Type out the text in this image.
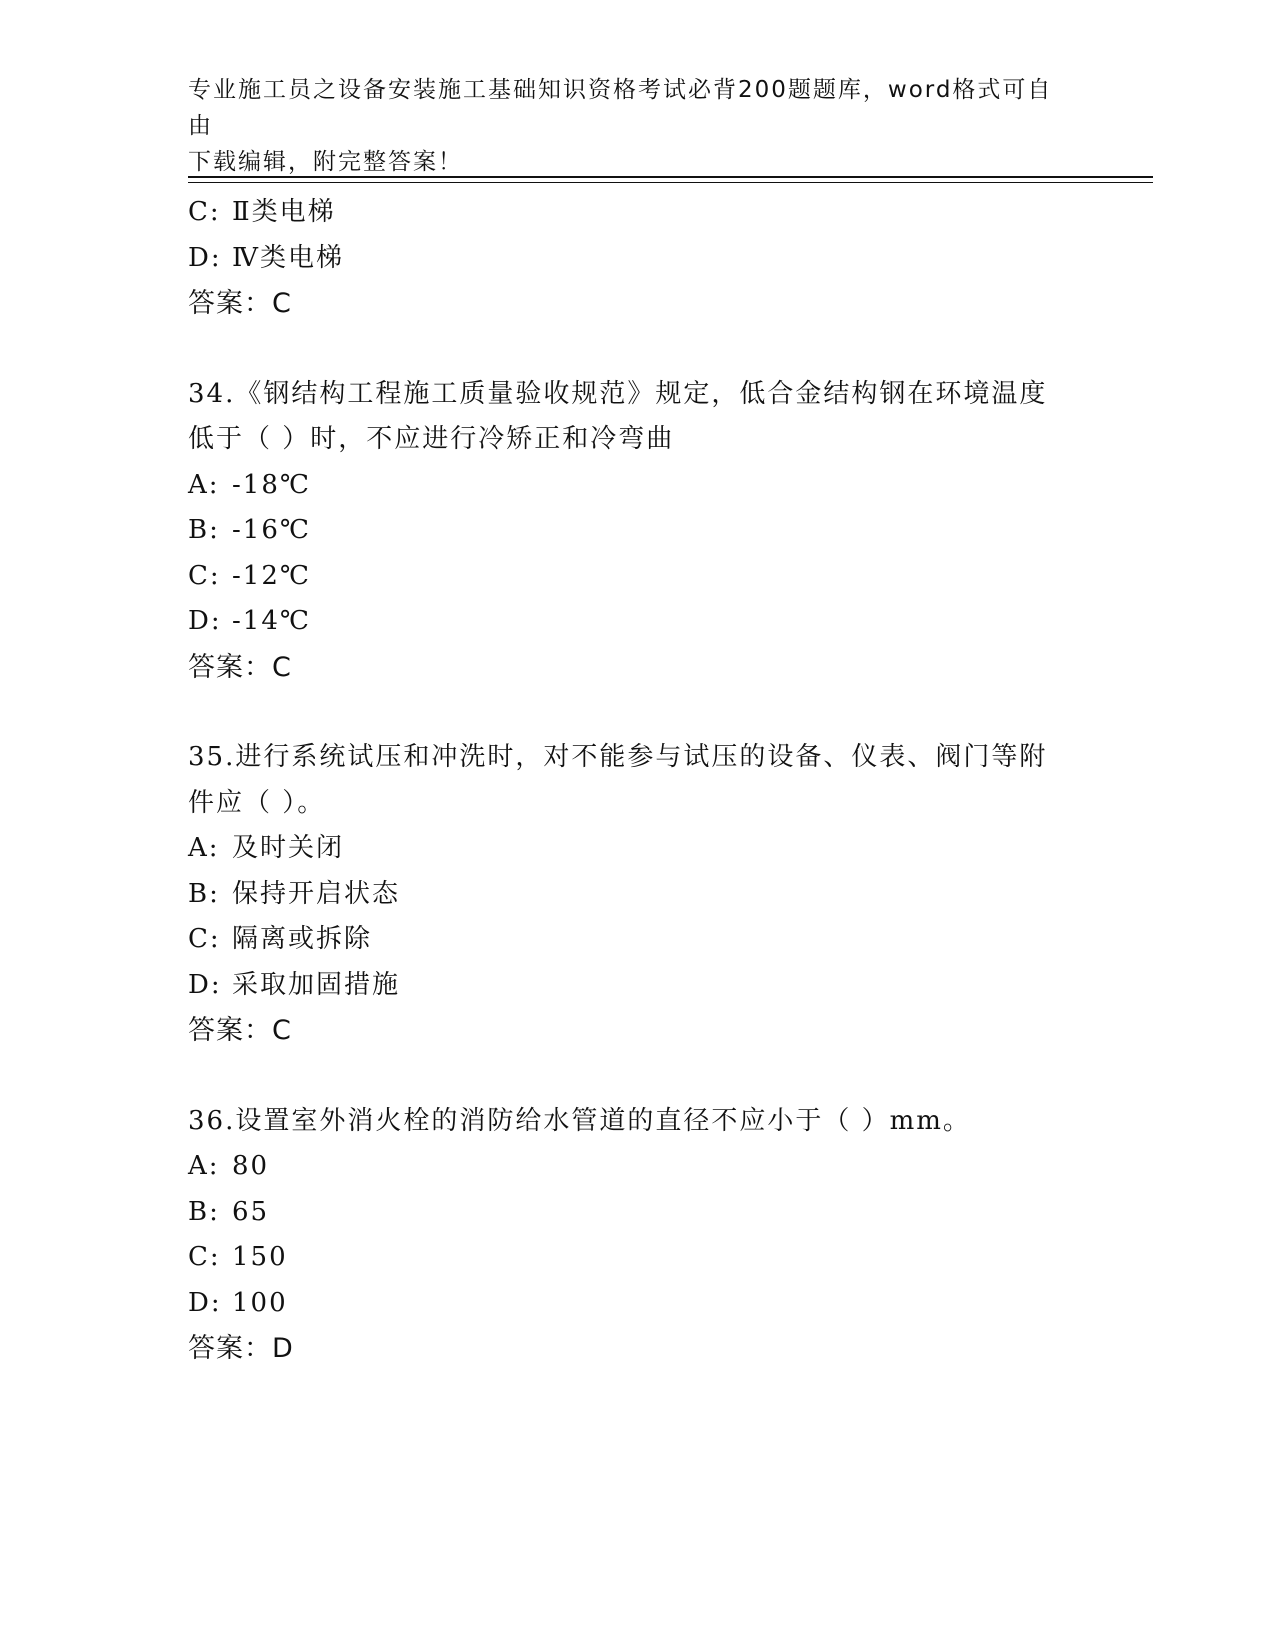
专业施工员之设备安装施工基础知识资格考试必背200题题库，word格式可自由
下载编辑，附完整答案！
C: Ⅱ类电梯
D: Ⅳ类电梯
答案：C
34.《钢结构工程施工质量验收规范》规定，低合金结构钢在环境温度
低于（ ）时，不应进行冷矫正和冷弯曲
A: -18℃
B: -16℃
C: -12℃
D: -14℃
答案：C
35.进行系统试压和冲洗时，对不能参与试压的设备、仪表、阀门等附
件应（ ）。
A: 及时关闭
B: 保持开启状态
C: 隔离或拆除
D: 采取加固措施
答案：C
36.设置室外消火栓的消防给水管道的直径不应小于（ ）mm。
A: 80
B: 65
C: 150
D: 100
答案：D
